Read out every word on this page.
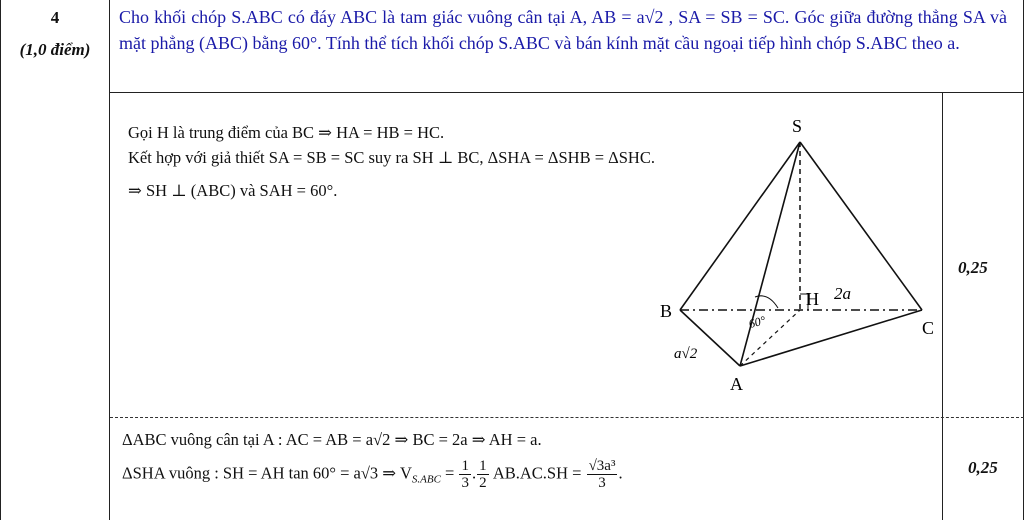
4
(1,0 điểm)
Cho khối chóp S.ABC có đáy ABC là tam giác vuông cân tại A, AB = a√2 , SA = SB = SC. Góc giữa đường thẳng SA và mặt phẳng (ABC) bằng 60°. Tính thể tích khối chóp S.ABC và bán kính mặt cầu ngoại tiếp hình chóp S.ABC theo a.
Gọi H là trung điểm của BC ⇒ HA = HB = HC.
Kết hợp với giả thiết SA = SB = SC suy ra SH ⊥ BC, ΔSHA = ΔSHB = ΔSHC.
⇒ SH ⊥ (ABC) và SAH = 60°.
0,25
S
B
H 2a
C
A
60°
a√2
ΔABC vuông cân tại A : AC = AB = a√2 ⇒ BC = 2a ⇒ AH = a.
ΔSHA vuông : SH = AH tan 60° = a√3 ⇒ $V_{S.ABC} = \frac{1}{3}$ . $\frac{1}{2} AB.AC.SH = \frac{\text{√3a³}}{3}$ .	0,25
